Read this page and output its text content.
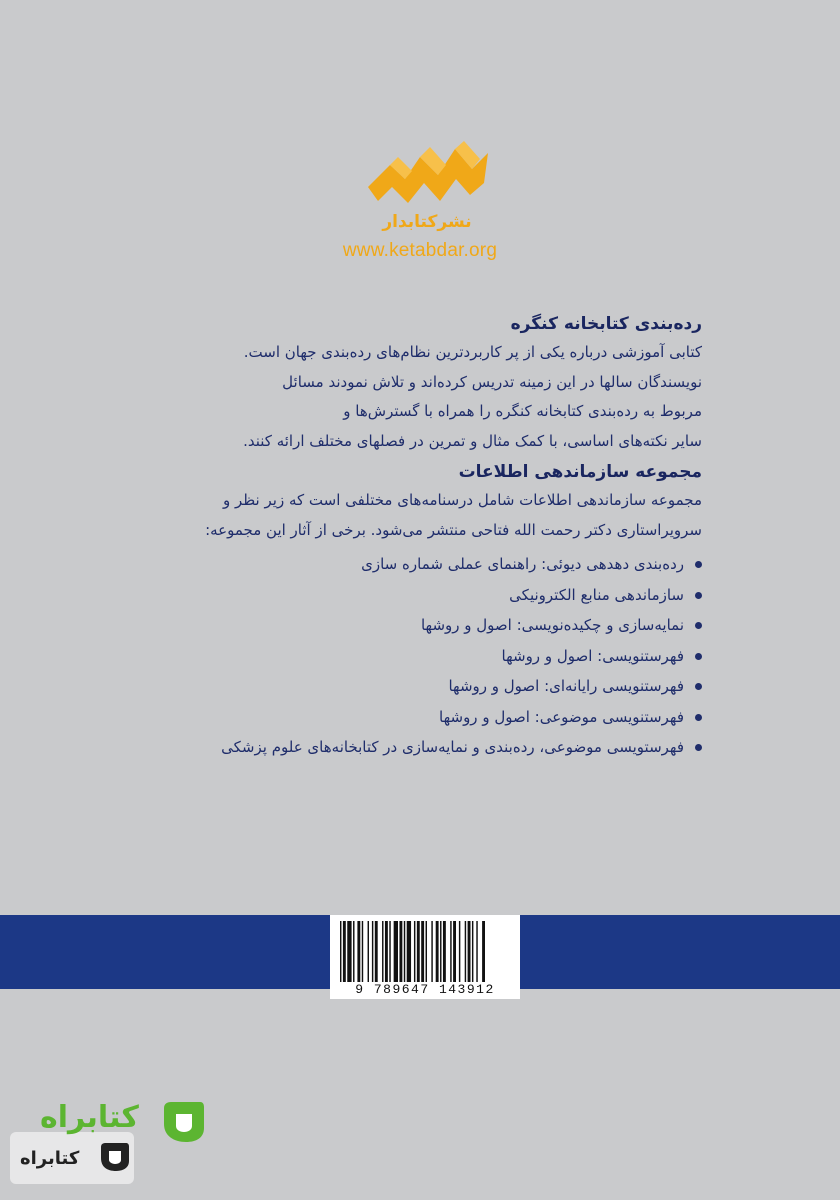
نشرکتابدار
www.ketabdar.org
رده‌بندی کتابخانه کنگره

کتابی آموزشی درباره یکی از پر کاربردترین نظام‌های رده‌بندی جهان است.
نویسندگان سالها در این زمینه تدریس کرده‌اند و تلاش نمودند مسائل
مربوط به رده‌بندی کتابخانه کنگره را همراه با گسترش‌ها و
سایر نکته‌های اساسی، با کمک مثال و تمرین در فصلهای مختلف ارائه کنند.

مجموعه سازماندهی اطلاعات

مجموعه سازماندهی اطلاعات شامل درسنامه‌های مختلفی است که زیر نظر و
سرویراستاری دکتر رحمت الله فتاحی منتشر می‌شود. برخی از آثار این مجموعه:

رده‌بندی دهدهی دیوئی: راهنمای عملی شماره سازی
سازماندهی منابع الکترونیکی
نمایه‌سازی و چکیده‌نویسی: اصول و روشها
فهرستنویسی: اصول و روشها
فهرستنویسی رایانه‌ای: اصول و روشها
فهرستنویسی موضوعی: اصول و روشها
فهرستویسی موضوعی، رده‌بندی و نمایه‌سازی در کتابخانه‌های علوم پزشکی
9 789647 143912
کتابراه
کتابراه
